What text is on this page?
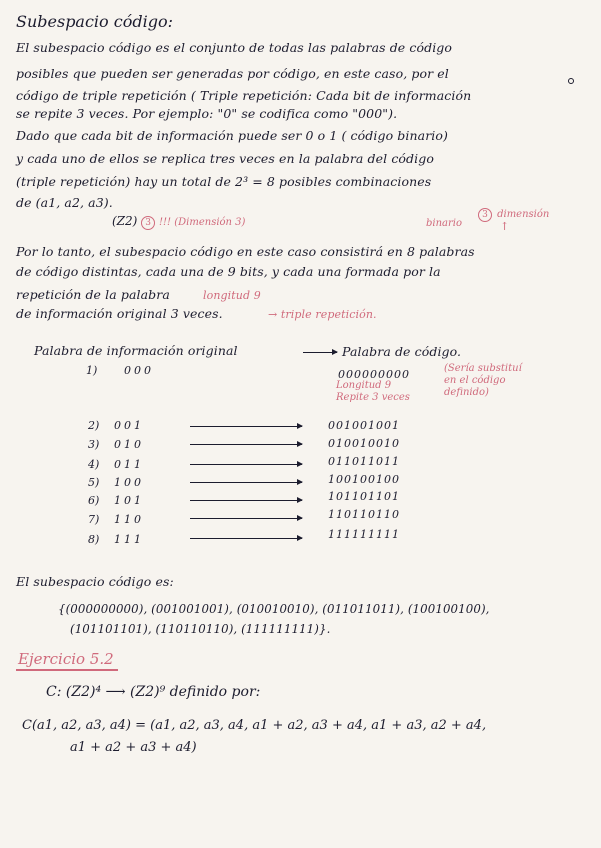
Subespacio código:
El subespacio código es el conjunto de todas las palabras de código
posibles que pueden ser generadas por código, en este caso, por el
código de triple repetición ( Triple repetición: Cada bit de información
se repite 3 veces. Por ejemplo: "0" se codifica como "000").
Dado que cada bit de información puede ser 0 o 1 ( código binario)
y cada uno de ellos se replica tres veces en la palabra del código
(triple repetición) hay un total de 2³ = 8 posibles combinaciones
de (a1, a2, a3).
(Z2) 3 !!! (Dimensión 3)	binario
3 dimensión
↑
Por lo tanto, el subespacio código en este caso consistirá en 8 palabras
de código distintas, cada una de 9 bits, y cada una formada por la
repetición de la palabra	longitud 9
de información original 3 veces.	→ triple repetición.
Palabra de información original	Palabra de código.
1) 000	000000000
Longitud 9
Repite 3 veces
(Sería substituí
en el código
definido)
2) 001	001001001
3) 010	010010010
4) 011	011011011
5) 100	100100100
6) 101	101101101
7) 110	110110110
8) 111	111111111
El subespacio código es:
{(000000000), (001001001), (010010010), (011011011), (100100100),
(101101101), (110110110), (111111111)}.
Ejercicio 5.2
C: (Z2)⁴ ⟶ (Z2)⁹ definido por:
C(a1, a2, a3, a4) = (a1, a2, a3, a4, a1 + a2, a3 + a4, a1 + a3, a2 + a4,
a1 + a2 + a3 + a4)
